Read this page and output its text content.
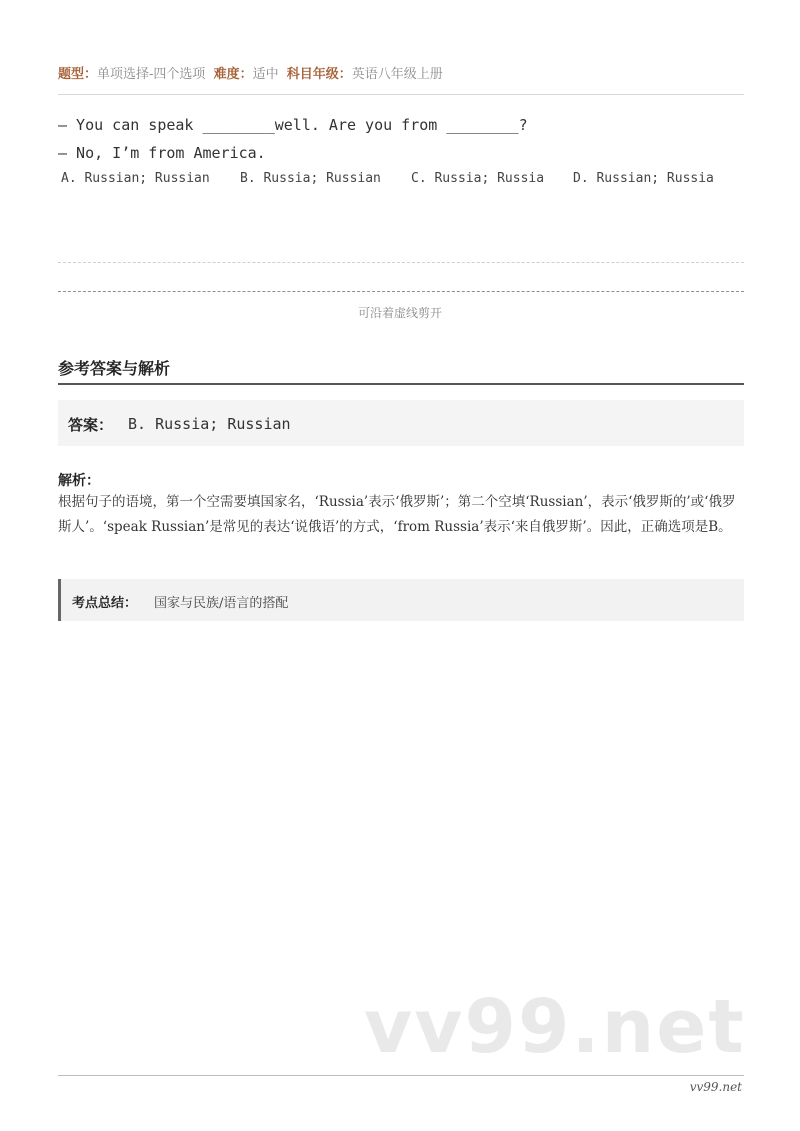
题型：单项选择-四个选项 难度：适中 科目年级：英语八年级上册
— You can speak ________well. Are you from ________?
— No, I’m from America.
A. Russian; Russian B. Russia; Russian C. Russia; Russia D. Russian; Russia
可沿着虚线剪开
参考答案与解析
答案： B. Russia; Russian
解析：
根据句子的语境，第一个空需要填国家名，‘Russia’表示‘俄罗斯’；第二个空填‘Russian’，表示‘俄罗斯的’或‘俄罗斯人’。‘speak Russian’是常见的表达‘说俄语’的方式，‘from Russia’表示‘来自俄罗斯’。因此，正确选项是B。
考点总结： 国家与民族/语言的搭配
vv99.net
vv99.net
